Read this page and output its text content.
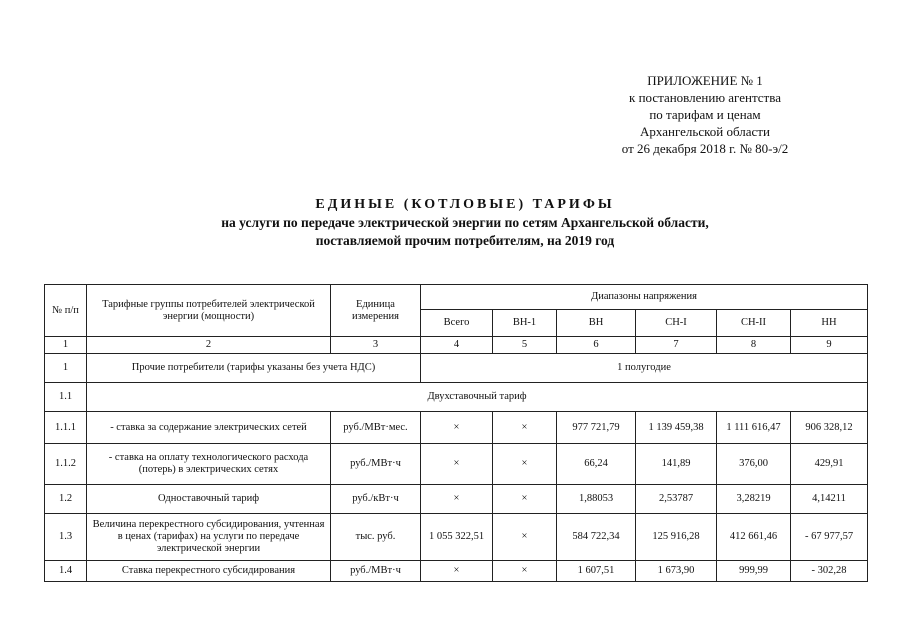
ПРИЛОЖЕНИЕ № 1
к постановлению агентства
по тарифам и ценам
Архангельской области
от 26 декабря 2018 г. № 80-э/2
ЕДИНЫЕ (КОТЛОВЫЕ) ТАРИФЫ
на услуги по передаче электрической энергии по сетям Архангельской области,
поставляемой прочим потребителям, на 2019 год
№ п/п	Тарифные группы потребителей электрической энергии (мощности)	Единица измерения	Диапазоны напряжения					
			Всего	ВН-1	ВН	СН-I	СН-II	НН
1	2	3	4	5	6	7	8	9
1	Прочие потребители (тарифы указаны без учета НДС)		1 полугодие					
1.1	Двухставочный тариф							
1.1.1	- ставка за содержание электрических сетей	руб./МВт·мес.	×	×	977 721,79	1 139 459,38	1 111 616,47	906 328,12
1.1.2	- ставка на оплату технологического расхода (потерь) в электрических сетях	руб./МВт·ч	×	×	66,24	141,89	376,00	429,91
1.2	Одноставочный тариф	руб./кВт·ч	×	×	1,88053	2,53787	3,28219	4,14211
1.3	Величина перекрестного субсидирования, учтенная в ценах (тарифах) на услуги по передаче электрической энергии	тыс. руб.	1 055 322,51	×	584 722,34	125 916,28	412 661,46	- 67 977,57
1.4	Ставка перекрестного субсидирования	руб./МВт·ч	×	×	1 607,51	1 673,90	999,99	- 302,28
